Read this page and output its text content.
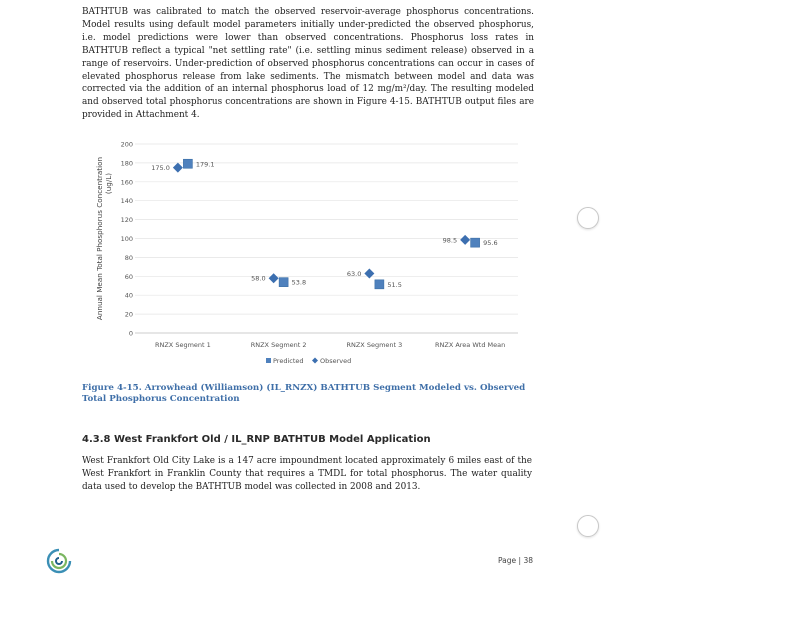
BATHTUB was calibrated to match the observed reservoir-average phosphorus concentrations. Model results using default model parameters initially under-predicted the observed phosphorus, i.e. model predictions were lower than observed concentrations. Phosphorus loss rates in BATHTUB reflect a typical "net settling rate" (i.e. settling minus sediment release) observed in a range of reservoirs. Under-prediction of observed phosphorus concentrations can occur in cases of elevated phosphorus release from lake sediments. The mismatch between model and data was corrected via the addition of an internal phosphorus load of 12 mg/m²/day. The resulting modeled and observed total phosphorus concentrations are shown in Figure 4-15. BATHTUB output files are provided in Attachment 4.
0
20
40
60
80
100
120
140
160
180
200
Annual Mean Total Phosphorus Concentration (ug/L)
RNZX Segment 1	RNZX Segment 2	RNZX Segment 3	RNZX Area Wtd Mean
175.0	179.1
58.0	53.8
63.0
51.5
98.5	95.6
Predicted	Observed
Figure 4-15. Arrowhead (Williamson) (IL_RNZX) BATHTUB Segment Modeled vs. Observed Total Phosphorus Concentration
4.3.8 West Frankfort Old / IL_RNP BATHTUB Model Application
West Frankfort Old City Lake is a 147 acre impoundment located approximately 6 miles east of the West Frankfort in Franklin County that requires a TMDL for total phosphorus. The water quality data used to develop the BATHTUB model was collected in 2008 and 2013.
Page | 38
